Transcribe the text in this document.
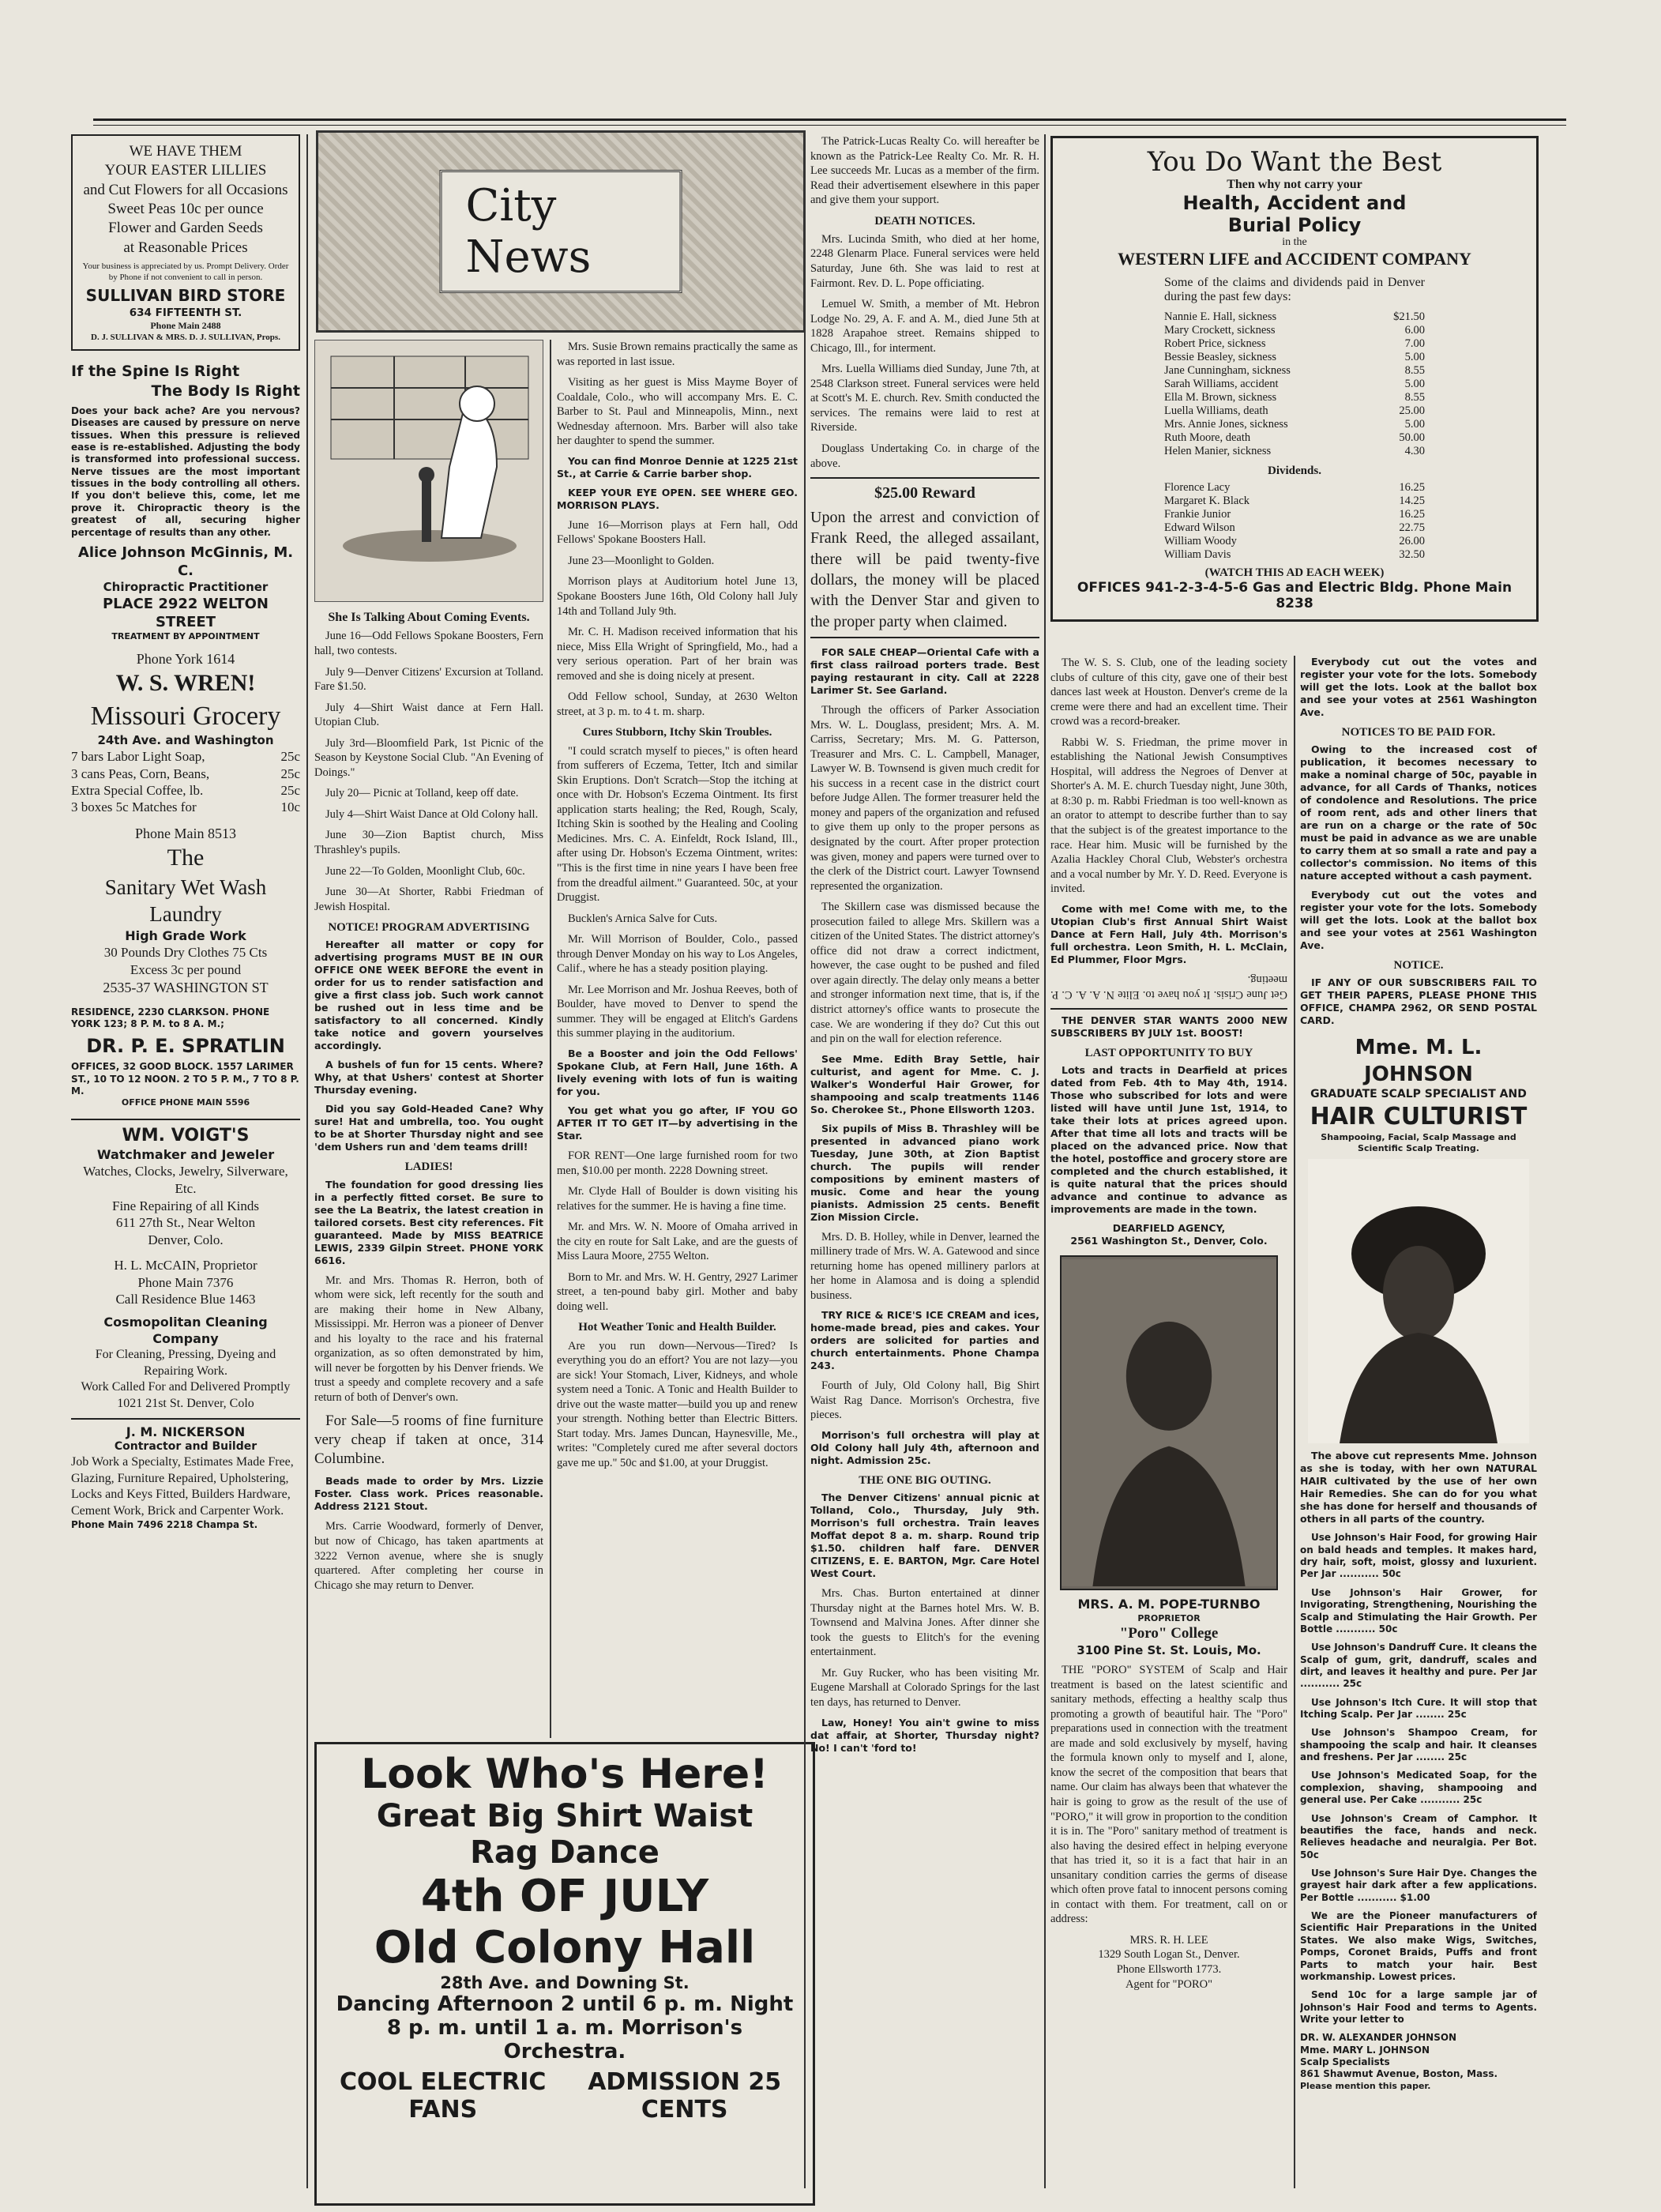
WE HAVE THEM
YOUR EASTER LILLIES
and Cut Flowers for all Occasions
Sweet Peas 10c per ounce
Flower and Garden Seeds
at Reasonable Prices
Your business is appreciated by us. Prompt Delivery. Order by Phone if not convenient to call in person.
SULLIVAN BIRD STORE
634 FIFTEENTH ST.
Phone Main 2488
D. J. SULLIVAN & MRS. D. J. SULLIVAN, Props.
If the Spine Is Right
The Body Is Right
Does your back ache? Are you nervous? Diseases are caused by pressure on nerve tissues. When this pressure is relieved ease is re-established. Adjusting the body is transformed into professional success. Nerve tissues are the most important tissues in the body controlling all others. If you don't believe this, come, let me prove it. Chiropractic theory is the greatest of all, securing higher percentage of results than any other.
Alice Johnson McGinnis, M. C.
Chiropractic Practitioner
PLACE 2922 WELTON STREET
TREATMENT BY APPOINTMENT
Phone York 1614
W. S. WREN!
Missouri Grocery
24th Ave. and Washington
7 bars Labor Light Soap,	25c
3 cans Peas, Corn, Beans,	25c
Extra Special Coffee, lb.	25c
3 boxes 5c Matches for	10c
Phone Main 8513
The
Sanitary Wet Wash
Laundry
High Grade Work
30 Pounds Dry Clothes 75 Cts
Excess 3c per pound
2535-37 WASHINGTON ST
RESIDENCE, 2230 CLARKSON. PHONE YORK 123; 8 P. M. to 8 A. M.;
DR. P. E. SPRATLIN
OFFICES, 32 GOOD BLOCK. 1557 LARIMER ST., 10 TO 12 NOON. 2 TO 5 P. M., 7 TO 8 P. M.
OFFICE PHONE MAIN 5596
WM. VOIGT'S
Watchmaker and Jeweler
Watches, Clocks, Jewelry, Silverware, Etc.
Fine Repairing of all Kinds
611 27th St., Near Welton
Denver, Colo.
H. L. McCAIN, Proprietor
Phone Main 7376
Call Residence Blue 1463
Cosmopolitan Cleaning Company
For Cleaning, Pressing, Dyeing and Repairing Work.
Work Called For and Delivered Promptly
1021 21st St. Denver, Colo
J. M. NICKERSON
Contractor and Builder
Job Work a Specialty, Estimates Made Free, Glazing, Furniture Repaired, Upholstering, Locks and Keys Fitted, Builders Hardware, Cement Work, Brick and Carpenter Work.
Phone Main 7496 2218 Champa St.
City News
She Is Talking About Coming Events.

June 16—Odd Fellows Spokane Boosters, Fern hall, two contests.

July 9—Denver Citizens' Excursion at Tolland. Fare $1.50.

July 4—Shirt Waist dance at Fern Hall. Utopian Club.

July 3rd—Bloomfield Park, 1st Picnic of the Season by Keystone Social Club. "An Evening of Doings."

July 20— Picnic at Tolland, keep off date.

July 4—Shirt Waist Dance at Old Colony hall.

June 30—Zion Baptist church, Miss Thrashley's pupils.

June 22—To Golden, Moonlight Club, 60c.

June 30—At Shorter, Rabbi Friedman of Jewish Hospital.

NOTICE! PROGRAM ADVERTISING

Hereafter all matter or copy for advertising programs MUST BE IN OUR OFFICE ONE WEEK BEFORE the event in order for us to render satisfaction and give a first class job. Such work cannot be rushed out in less time and be satisfactory to all concerned. Kindly take notice and govern yourselves accordingly.

A bushels of fun for 15 cents. Where? Why, at that Ushers' contest at Shorter Thursday evening.

Did you say Gold-Headed Cane? Why sure! Hat and umbrella, too. You ought to be at Shorter Thursday night and see 'dem Ushers run and 'dem teams drill!

LADIES!

The foundation for good dressing lies in a perfectly fitted corset. Be sure to see the La Beatrix, the latest creation in tailored corsets. Best city references. Fit guaranteed. Made by MISS BEATRICE LEWIS, 2339 Gilpin Street. PHONE YORK 6616.

Mr. and Mrs. Thomas R. Herron, both of whom were sick, left recently for the south and are making their home in New Albany, Mississippi. Mr. Herron was a pioneer of Denver and his loyalty to the race and his fraternal organization, as so often demonstrated by him, will never be forgotten by his Denver friends. We trust a speedy and complete recovery and a safe return of both of Denver's own.

For Sale—5 rooms of fine furniture very cheap if taken at once, 314 Columbine.

Beads made to order by Mrs. Lizzie Foster. Class work. Prices reasonable. Address 2121 Stout.

Mrs. Carrie Woodward, formerly of Denver, but now of Chicago, has taken apartments at 3222 Vernon avenue, where she is snugly quartered. After completing her course in Chicago she may return to Denver.

Mrs. Susie Brown remains practically the same as was reported in last issue.

Visiting as her guest is Miss Mayme Boyer of Coaldale, Colo., who will accompany Mrs. E. C. Barber to St. Paul and Minneapolis, Minn., next Wednesday afternoon. Mrs. Barber will also take her daughter to spend the summer.

You can find Monroe Dennie at 1225 21st St., at Carrie & Carrie barber shop.

KEEP YOUR EYE OPEN. SEE WHERE GEO. MORRISON PLAYS.

June 16—Morrison plays at Fern hall, Odd Fellows' Spokane Boosters Hall.

June 23—Moonlight to Golden.

Morrison plays at Auditorium hotel June 13, Spokane Boosters June 16th, Old Colony hall July 14th and Tolland July 9th.

Mr. C. H. Madison received information that his niece, Miss Ella Wright of Springfield, Mo., had a very serious operation. Part of her brain was removed and she is doing nicely at present.

Odd Fellow school, Sunday, at 2630 Welton street, at 3 p. m. to 4 t. m. sharp.

Cures Stubborn, Itchy Skin Troubles.

"I could scratch myself to pieces," is often heard from sufferers of Eczema, Tetter, Itch and similar Skin Eruptions. Don't Scratch—Stop the itching at once with Dr. Hobson's Eczema Ointment. Its first application starts healing; the Red, Rough, Scaly, Itching Skin is soothed by the Healing and Cooling Medicines. Mrs. C. A. Einfeldt, Rock Island, Ill., after using Dr. Hobson's Eczema Ointment, writes: "This is the first time in nine years I have been free from the dreadful ailment." Guaranteed. 50c, at your Druggist.

Bucklen's Arnica Salve for Cuts.

Mr. Will Morrison of Boulder, Colo., passed through Denver Monday on his way to Los Angeles, Calif., where he has a steady position playing.

Mr. Lee Morrison and Mr. Joshua Reeves, both of Boulder, have moved to Denver to spend the summer. They will be engaged at Elitch's Gardens this summer playing in the auditorium.

Be a Booster and join the Odd Fellows' Spokane Club, at Fern Hall, June 16th. A lively evening with lots of fun is waiting for you.

You get what you go after, IF YOU GO AFTER IT TO GET IT—by advertising in the Star.

FOR RENT—One large furnished room for two men, $10.00 per month. 2228 Downing street.

Mr. Clyde Hall of Boulder is down visiting his relatives for the summer. He is having a fine time.

Mr. and Mrs. W. N. Moore of Omaha arrived in the city en route for Salt Lake, and are the guests of Miss Laura Moore, 2755 Welton.

Born to Mr. and Mrs. W. H. Gentry, 2927 Larimer street, a ten-pound baby girl. Mother and baby doing well.

Hot Weather Tonic and Health Builder.

Are you run down—Nervous—Tired? Is everything you do an effort? You are not lazy—you are sick! Your Stomach, Liver, Kidneys, and whole system need a Tonic. A Tonic and Health Builder to drive out the waste matter—build you up and renew your strength. Nothing better than Electric Bitters. Start today. Mrs. James Duncan, Haynesville, Me., writes: "Completely cured me after several doctors gave me up." 50c and $1.00, at your Druggist.

Look Who's Here!
Great Big Shirt Waist
Rag Dance
4th OF JULY
Old Colony Hall
28th Ave. and Downing St.
Dancing Afternoon 2 until 6 p. m. Night
8 p. m. until 1 a. m. Morrison's Orchestra.
COOL ELECTRIC FANS
ADMISSION 25 CENTS

The Patrick-Lucas Realty Co. will hereafter be known as the Patrick-Lee Realty Co. Mr. R. H. Lee succeeds Mr. Lucas as a member of the firm. Read their advertisement elsewhere in this paper and give them your support.

DEATH NOTICES.

Mrs. Lucinda Smith, who died at her home, 2248 Glenarm Place. Funeral services were held Saturday, June 6th. She was laid to rest at Fairmont. Rev. D. L. Pope officiating.

Lemuel W. Smith, a member of Mt. Hebron Lodge No. 29, A. F. and A. M., died June 5th at 1828 Arapahoe street. Remains shipped to Chicago, Ill., for interment.

Mrs. Luella Williams died Sunday, June 7th, at 2548 Clarkson street. Funeral services were held at Scott's M. E. church. Rev. Smith conducted the services. The remains were laid to rest at Riverside.

Douglass Undertaking Co. in charge of the above.

$25.00 Reward
Upon the arrest and conviction of Frank Reed, the alleged assailant, there will be paid twenty-five dollars, the money will be placed with the Denver Star and given to the proper party when claimed.

FOR SALE CHEAP—Oriental Cafe with a first class railroad porters trade. Best paying restaurant in city. Call at 2228 Larimer St. See Garland.

Through the officers of Parker Association Mrs. W. L. Douglass, president; Mrs. A. M. Carriss, Secretary; Mrs. M. G. Patterson, Treasurer and Mrs. C. L. Campbell, Manager, Lawyer W. B. Townsend is given much credit for his success in a recent case in the district court before Judge Allen. The former treasurer held the money and papers of the organization and refused to give them up only to the proper persons as designated by the court. After proper protection was given, money and papers were turned over to the clerk of the District court. Lawyer Townsend represented the organization.

The Skillern case was dismissed because the prosecution failed to allege Mrs. Skillern was a citizen of the United States. The district attorney's office did not draw a correct indictment, however, the case ought to be pushed and filed over again directly. The delay only means a better and stronger information next time, that is, if the district attorney's office wants to prosecute the case. We are wondering if they do? Cut this out and pin on the wall for election reference.

See Mme. Edith Bray Settle, hair culturist, and agent for Mme. C. J. Walker's Wonderful Hair Grower, for shampooing and scalp treatments 1146 So. Cherokee St., Phone Ellsworth 1203.

Six pupils of Miss B. Thrashley will be presented in advanced piano work Tuesday, June 30th, at Zion Baptist church. The pupils will render compositions by eminent masters of music. Come and hear the young pianists. Admission 25 cents. Benefit Zion Mission Circle.

Mrs. D. B. Holley, while in Denver, learned the millinery trade of Mrs. W. A. Gatewood and since returning home has opened millinery parlors at her home in Alamosa and is doing a splendid business.

TRY RICE & RICE'S ICE CREAM and ices, home-made bread, pies and cakes. Your orders are solicited for parties and church entertainments. Phone Champa 243.

Fourth of July, Old Colony hall, Big Shirt Waist Rag Dance. Morrison's Orchestra, five pieces.

Morrison's full orchestra will play at Old Colony hall July 4th, afternoon and night. Admission 25c.

THE ONE BIG OUTING.

The Denver Citizens' annual picnic at Tolland, Colo., Thursday, July 9th. Morrison's full orchestra. Train leaves Moffat depot 8 a. m. sharp. Round trip $1.50. children half fare. DENVER CITIZENS, E. E. BARTON, Mgr. Care Hotel West Court.

Mrs. Chas. Burton entertained at dinner Thursday night at the Barnes hotel Mrs. W. B. Townsend and Malvina Jones. After dinner she took the guests to Elitch's for the evening entertainment.

Mr. Guy Rucker, who has been visiting Mr. Eugene Marshall at Colorado Springs for the last ten days, has returned to Denver.

Law, Honey! You ain't gwine to miss dat affair, at Shorter, Thursday night? No! I can't 'ford to!

You Do Want the Best
Then why not carry your
Health, Accident and
Burial Policy
in the
WESTERN LIFE and ACCIDENT COMPANY

Some of the claims and dividends paid in Denver during the past few days:

Nannie E. Hall, sickness	$21.50
Mary Crockett, sickness	6.00
Robert Price, sickness	7.00
Bessie Beasley, sickness	5.00
Jane Cunningham, sickness	8.55
Sarah Williams, accident	5.00
Ella M. Brown, sickness	8.55
Luella Williams, death	25.00
Mrs. Annie Jones, sickness	5.00
Ruth Moore, death	50.00
Helen Manier, sickness	4.30
Dividends.
Florence Lacy	16.25
Margaret K. Black	14.25
Frankie Junior	16.25
Edward Wilson	22.75
William Woody	26.00
William Davis	32.50
(WATCH THIS AD EACH WEEK)
OFFICES 941-2-3-4-5-6 Gas and Electric Bldg. Phone Main 8238

The W. S. S. Club, one of the leading society clubs of culture of this city, gave one of their best dances last week at Houston. Denver's creme de la creme were there and had an excellent time. Their crowd was a record-breaker.

Rabbi W. S. Friedman, the prime mover in establishing the National Jewish Consumptives Hospital, will address the Negroes of Denver at Shorter's A. M. E. church Tuesday night, June 30th, at 8:30 p. m. Rabbi Friedman is too well-known as an orator to attempt to describe further than to say that the subject is of the greatest importance to the race. Hear him. Music will be furnished by the Azalia Hackley Choral Club, Webster's orchestra and a vocal number by Mr. Y. D. Reed. Everyone is invited.

Come with me! Come with me, to the Utopian Club's first Annual Shirt Waist Dance at Fern Hall, July 4th. Morrison's full orchestra. Leon Smith, H. L. McClain, Ed Plummer, Floor Mgrs.

Get June Crisis. It you have to. Elite N. A. A. C. P. meeting.

THE DENVER STAR WANTS 2000 NEW SUBSCRIBERS BY JULY 1st. BOOST!

LAST OPPORTUNITY TO BUY

Lots and tracts in Dearfield at prices dated from Feb. 4th to May 4th, 1914. Those who subscribed for lots and were listed will have until June 1st, 1914, to take their lots at prices agreed upon. After that time all lots and tracts will be placed on the advanced price. Now that the hotel, postoffice and grocery store are completed and the church established, it is quite natural that the prices should advance and continue to advance as improvements are made in the town.

DEARFIELD AGENCY,
2561 Washington St., Denver, Colo.
MRS. A. M. POPE-TURNBO
PROPRIETOR
"Poro" College
3100 Pine St. St. Louis, Mo.

THE "PORO" SYSTEM of Scalp and Hair treatment is based on the latest scientific and sanitary methods, effecting a healthy scalp thus promoting a growth of beautiful hair. The "Poro" preparations used in connection with the treatment are made and sold exclusively by myself, having the formula known only to myself and I, alone, know the secret of the composition that bears that name. Our claim has always been that whatever the hair is going to grow as the result of the use of "PORO," it will grow in proportion to the condition it is in. The "Poro" sanitary method of treatment is also having the desired effect in helping everyone that has tried it, so it is a fact that hair in an unsanitary condition carries the germs of disease which often prove fatal to innocent persons coming in contact with them. For treatment, call on or address:

MRS. R. H. LEE
1329 South Logan St., Denver.
Phone Ellsworth 1773.
Agent for "PORO"

Everybody cut out the votes and register your vote for the lots. Somebody will get the lots. Look at the ballot box and see your votes at 2561 Washington Ave.

NOTICES TO BE PAID FOR.

Owing to the increased cost of publication, it becomes necessary to make a nominal charge of 50c, payable in advance, for all Cards of Thanks, notices of condolence and Resolutions. The price of room rent, ads and other liners that are run on a charge or the rate of 50c must be paid in advance as we are unable to carry them at so small a rate and pay a collector's commission. No items of this nature accepted without a cash payment.

Everybody cut out the votes and register your vote for the lots. Somebody will get the lots. Look at the ballot box and see your votes at 2561 Washington Ave.

NOTICE.

IF ANY OF OUR SUBSCRIBERS FAIL TO GET THEIR PAPERS, PLEASE PHONE THIS OFFICE, CHAMPA 2962, OR SEND POSTAL CARD.

Mme. M. L. JOHNSON
GRADUATE SCALP SPECIALIST AND
HAIR CULTURIST
Shampooing, Facial, Scalp Massage and Scientific Scalp Treating.

The above cut represents Mme. Johnson as she is today, with her own NATURAL HAIR cultivated by the use of her own Hair Remedies. She can do for you what she has done for herself and thousands of others in all parts of the country.

Use Johnson's Hair Food, for growing Hair on bald heads and temples. It makes hard, dry hair, soft, moist, glossy and luxurient. Per Jar ........... 50c

Use Johnson's Hair Grower, for Invigorating, Strengthening, Nourishing the Scalp and Stimulating the Hair Growth. Per Bottle ........... 50c

Use Johnson's Dandruff Cure. It cleans the Scalp of gum, grit, dandruff, scales and dirt, and leaves it healthy and pure. Per Jar ........... 25c

Use Johnson's Itch Cure. It will stop that Itching Scalp. Per Jar ........ 25c

Use Johnson's Shampoo Cream, for shampooing the scalp and hair. It cleanses and freshens. Per Jar ........ 25c

Use Johnson's Medicated Soap, for the complexion, shaving, shampooing and general use. Per Cake ........... 25c

Use Johnson's Cream of Camphor. It beautifies the face, hands and neck. Relieves headache and neuralgia. Per Bot. 50c

Use Johnson's Sure Hair Dye. Changes the grayest hair dark after a few applications. Per Bottle ........... $1.00

We are the Pioneer manufacturers of Scientific Hair Preparations in the United States. We also make Wigs, Switches, Pomps, Coronet Braids, Puffs and front Parts to match your hair. Best workmanship. Lowest prices.

Send 10c for a large sample jar of Johnson's Hair Food and terms to Agents. Write your letter to

DR. W. ALEXANDER JOHNSON
Mme. MARY L. JOHNSON
Scalp Specialists
861 Shawmut Avenue, Boston, Mass.
Please mention this paper.
